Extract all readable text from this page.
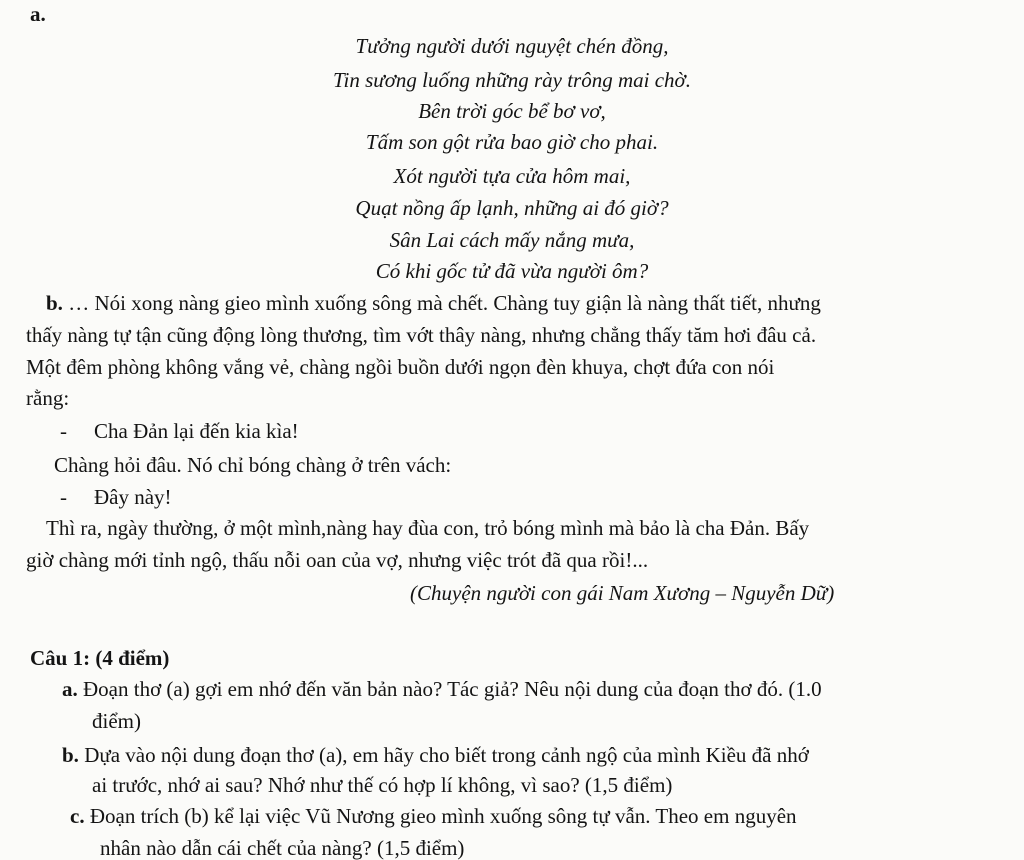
a.
Tưởng người dưới nguyệt chén đồng,
Tin sương luống những rày trông mai chờ.
Bên trời góc bể bơ vơ,
Tấm son gột rửa bao giờ cho phai.
Xót người tựa cửa hôm mai,
Quạt nồng ấp lạnh, những ai đó giờ?
Sân Lai cách mấy nắng mưa,
Có khi gốc tử đã vừa người ôm?
b. … Nói xong nàng gieo mình xuống sông mà chết. Chàng tuy giận là nàng thất tiết, nhưng
thấy nàng tự tận cũng động lòng thương, tìm vớt thây nàng, nhưng chẳng thấy tăm hơi đâu cả.
Một đêm phòng không vắng vẻ, chàng ngồi buồn dưới ngọn đèn khuya, chợt đứa con nói
rằng:
- Cha Đản lại đến kia kìa!
Chàng hỏi đâu. Nó chỉ bóng chàng ở trên vách:
- Đây này!
Thì ra, ngày thường, ở một mình,nàng hay đùa con, trỏ bóng mình mà bảo là cha Đản. Bấy
giờ chàng mới tỉnh ngộ, thấu nỗi oan của vợ, nhưng việc trót đã qua rồi!...
(Chuyện người con gái Nam Xương – Nguyễn Dữ)
Câu 1: (4 điểm)
a. Đoạn thơ (a) gợi em nhớ đến văn bản nào? Tác giả? Nêu nội dung của đoạn thơ đó. (1.0
điểm)
b. Dựa vào nội dung đoạn thơ (a), em hãy cho biết trong cảnh ngộ của mình Kiều đã nhớ
ai trước, nhớ ai sau? Nhớ như thế có hợp lí không, vì sao? (1,5 điểm)
c. Đoạn trích (b) kể lại việc Vũ Nương gieo mình xuống sông tự vẫn. Theo em nguyên
nhân nào dẫn cái chết của nàng? (1,5 điểm)
